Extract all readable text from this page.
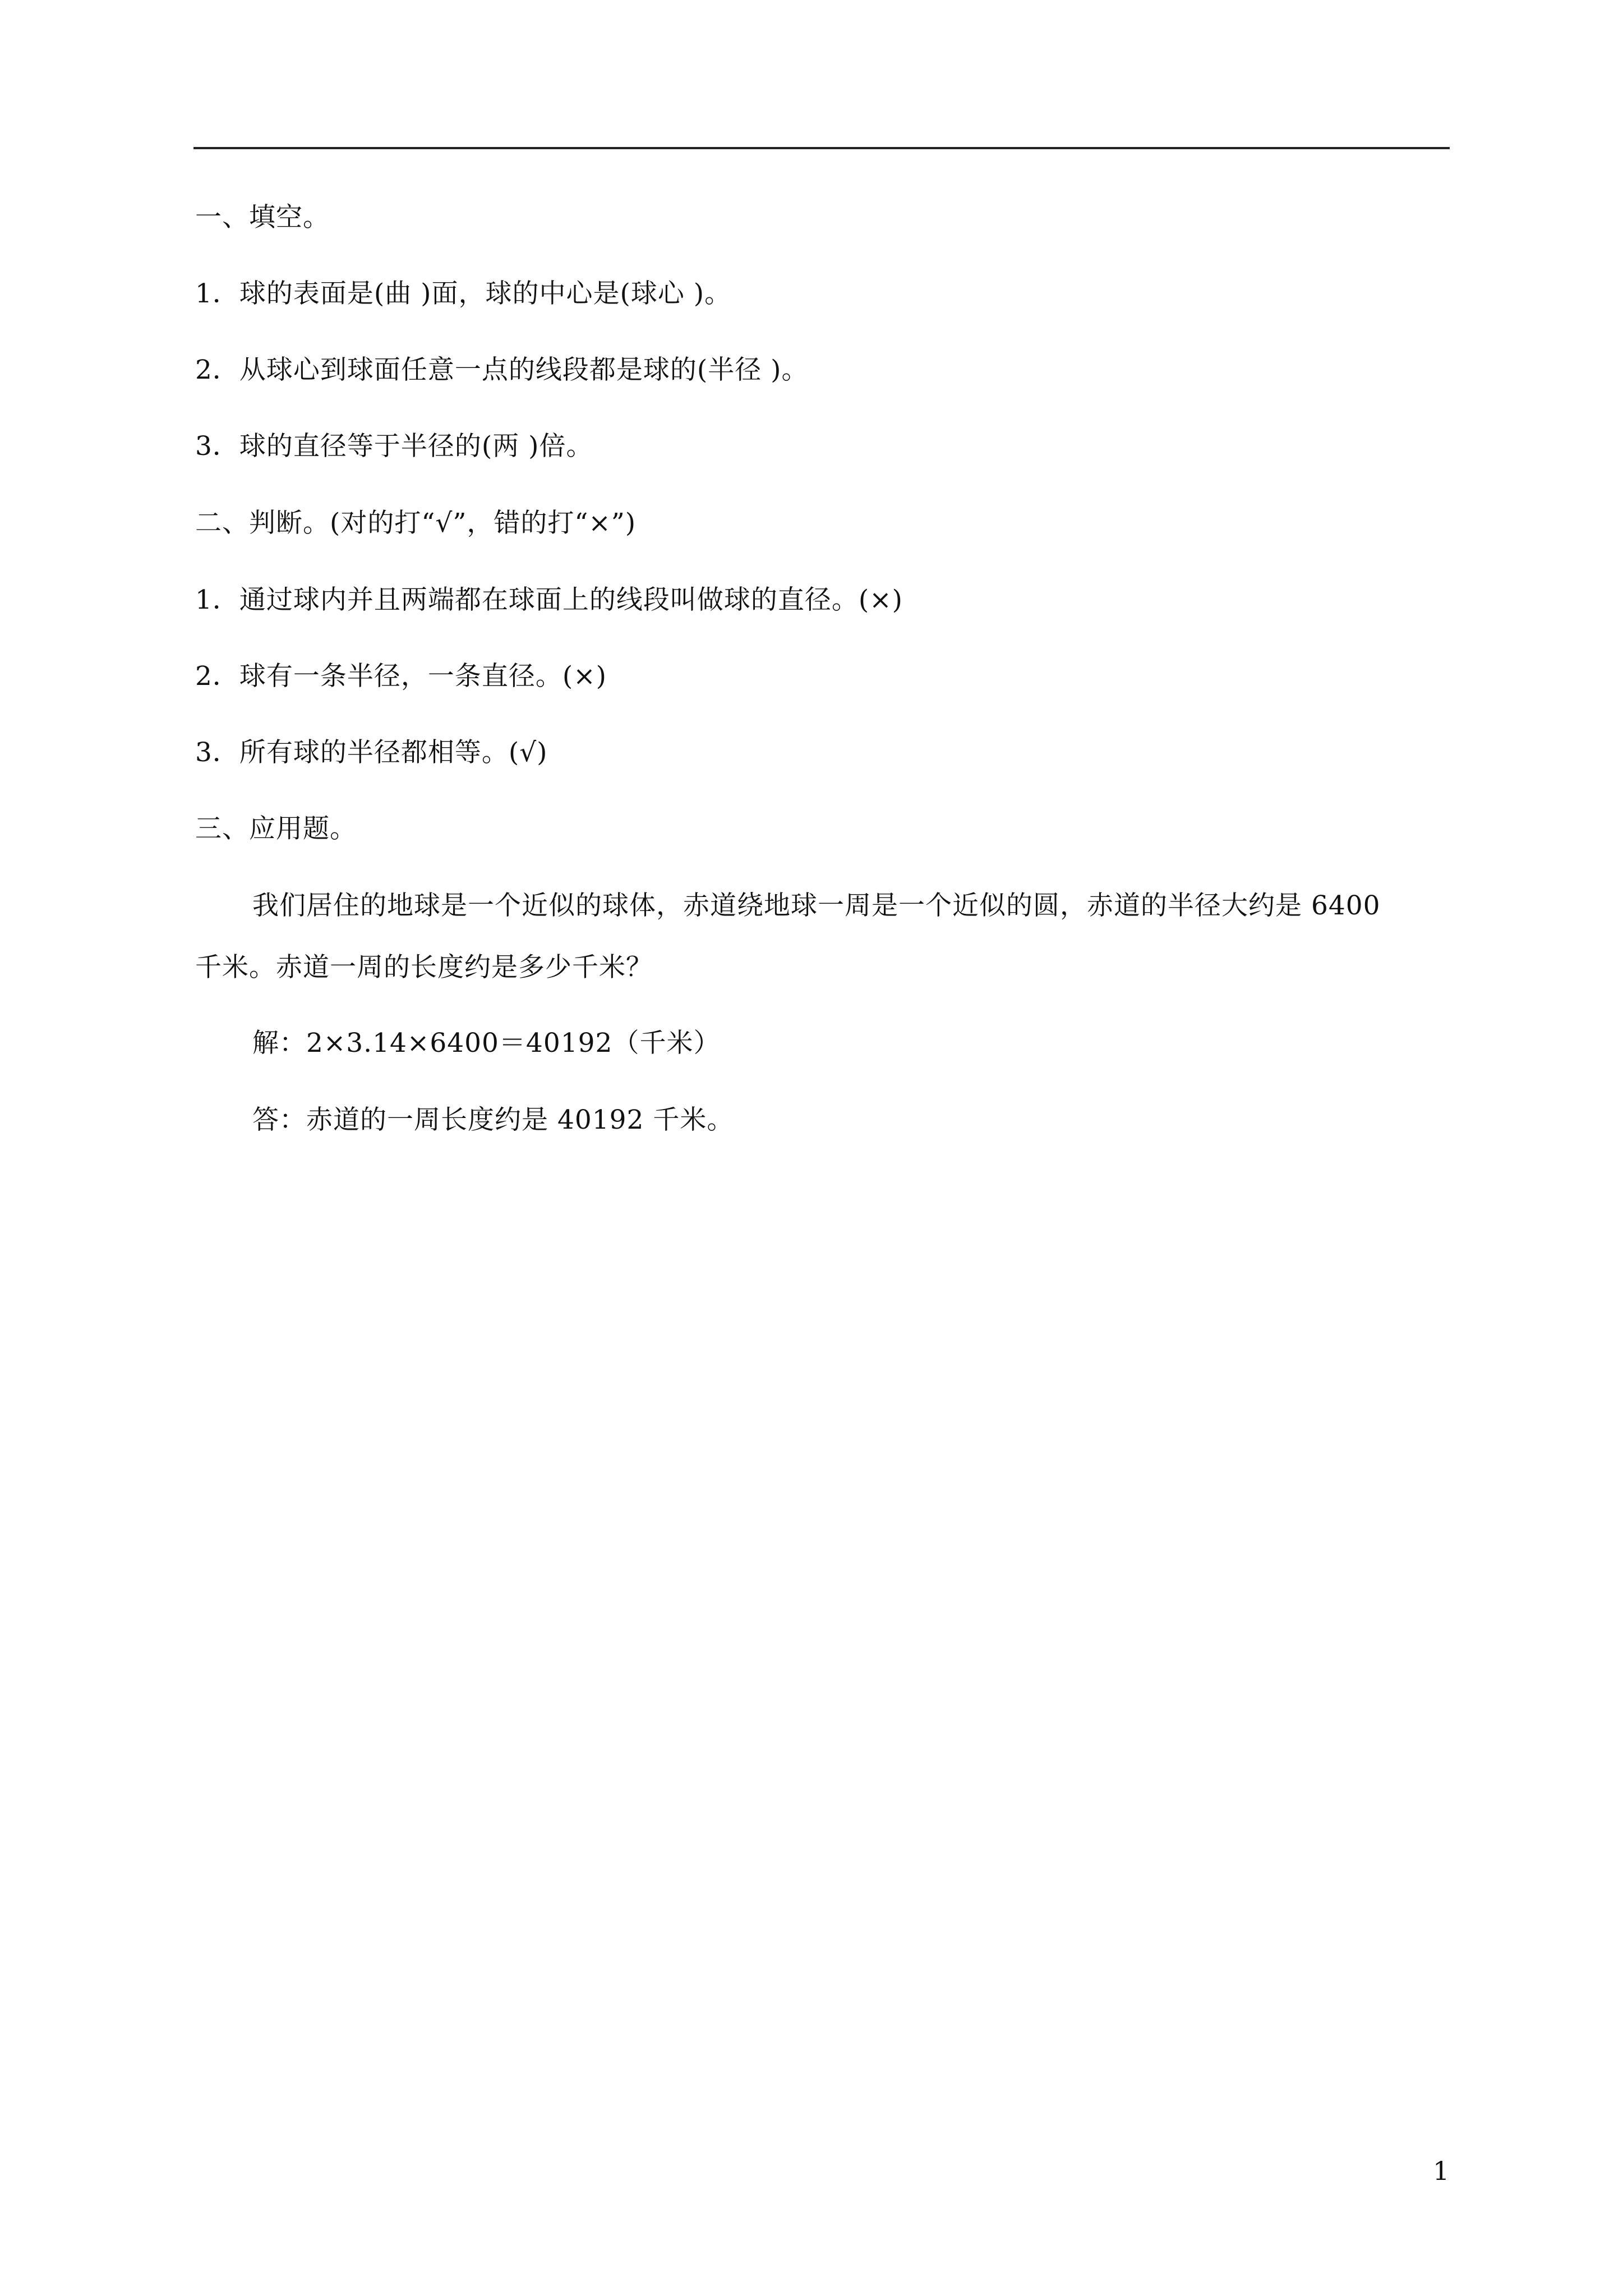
一、填空。
1．球的表面是(曲 )面，球的中心是(球心 )。
2．从球心到球面任意一点的线段都是球的(半径 )。
3．球的直径等于半径的(两 )倍。
二、判断。(对的打“√”，错的打“×”)
1．通过球内并且两端都在球面上的线段叫做球的直径。(×)
2．球有一条半径，一条直径。(×)
3．所有球的半径都相等。(√)
三、应用题。
我们居住的地球是一个近似的球体，赤道绕地球一周是一个近似的圆，赤道的半径大约是 6400
千米。赤道一周的长度约是多少千米？
解：2×3.14×6400＝40192（千米）
答：赤道的一周长度约是 40192 千米。
1
